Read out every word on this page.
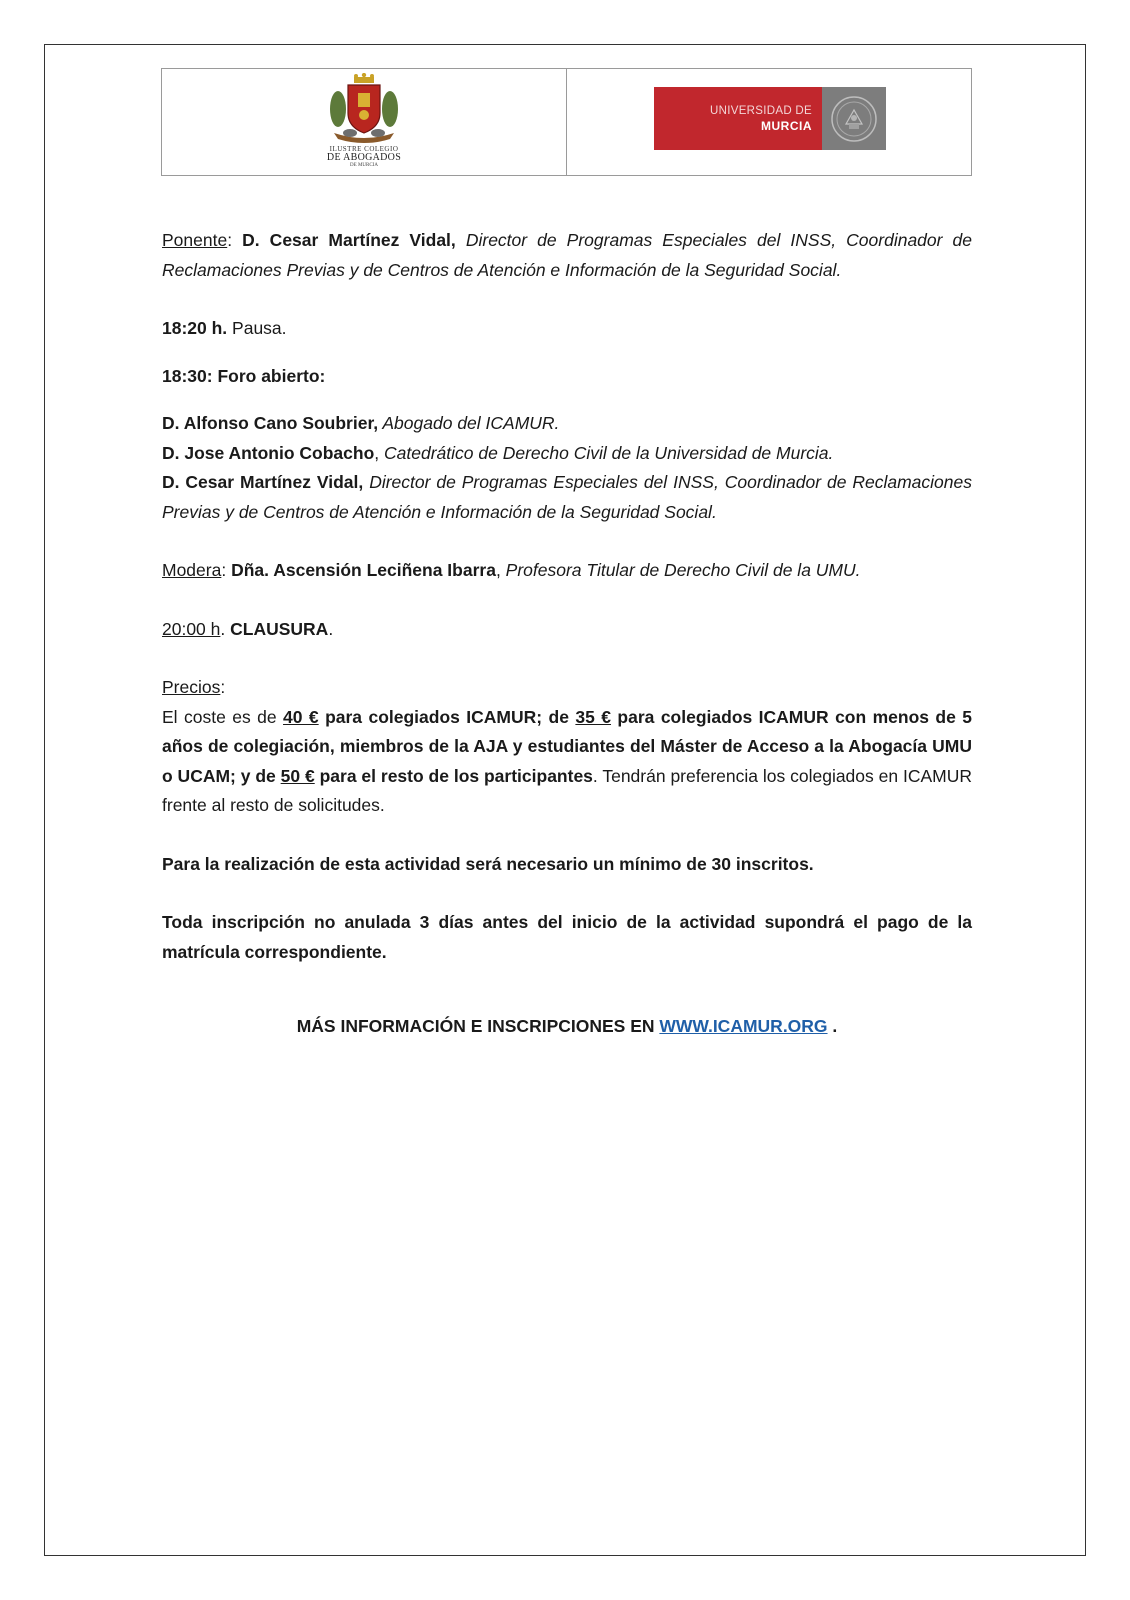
ILUSTRE COLEGIO
DE ABOGADOS
DE MURCIA
UNIVERSIDAD DE
MURCIA

Ponente: D. Cesar Martínez Vidal, Director de Programas Especiales del INSS, Coordinador de Reclamaciones Previas y de Centros de Atención e Información de la Seguridad Social.

18:20 h. Pausa.

18:30: Foro abierto:

D. Alfonso Cano Soubrier, Abogado del ICAMUR.

D. Jose Antonio Cobacho, Catedrático de Derecho Civil de la Universidad de Murcia.

D. Cesar Martínez Vidal, Director de Programas Especiales del INSS, Coordinador de Reclamaciones Previas y de Centros de Atención e Información de la Seguridad Social.

Modera: Dña. Ascensión Leciñena Ibarra, Profesora Titular de Derecho Civil de la UMU.

20:00 h. CLAUSURA.

Precios:

El coste es de 40 € para colegiados ICAMUR; de 35 € para colegiados ICAMUR con menos de 5 años de colegiación, miembros de la AJA y estudiantes del Máster de Acceso a la Abogacía UMU o UCAM; y de 50 € para el resto de los participantes. Tendrán preferencia los colegiados en ICAMUR frente al resto de solicitudes.

Para la realización de esta actividad será necesario un mínimo de 30 inscritos.

Toda inscripción no anulada 3 días antes del inicio de la actividad supondrá el pago de la matrícula correspondiente.

MÁS INFORMACIÓN E INSCRIPCIONES EN WWW.ICAMUR.ORG .
